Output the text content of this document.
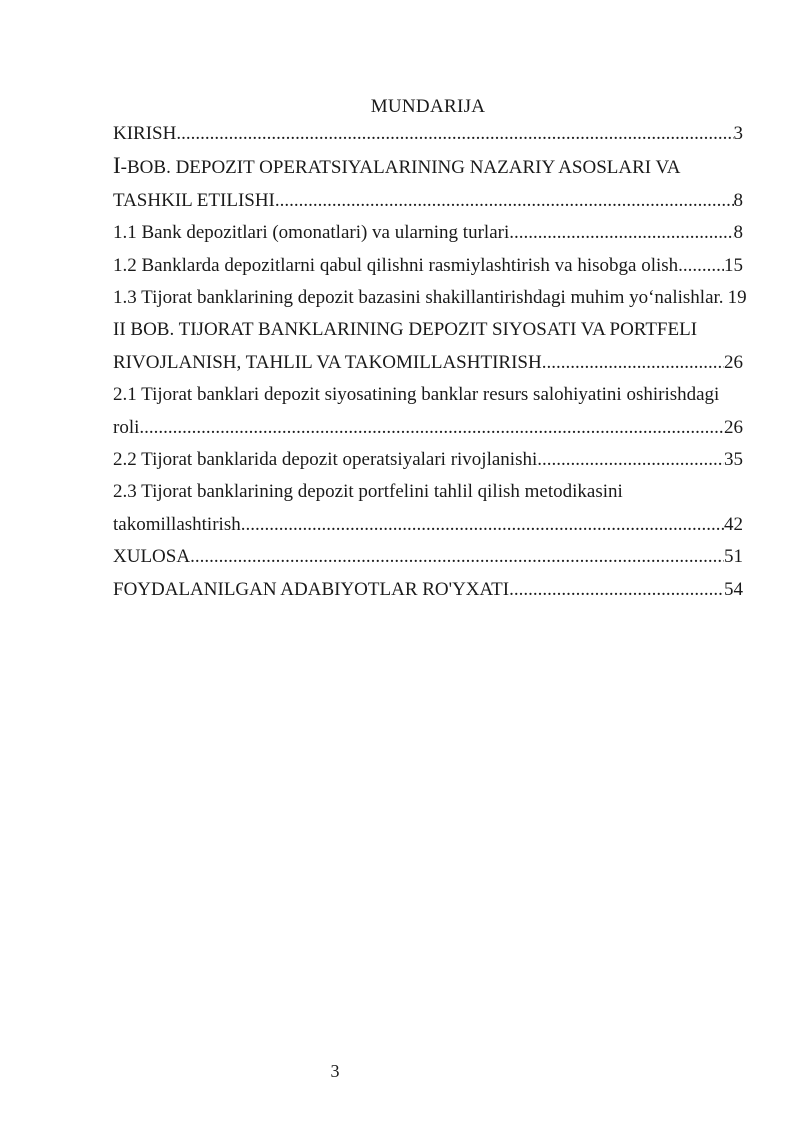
MUNDARIJA
KIRISH .....	3
I -BOB. DEPOZIT OPERATSIYALARINING NAZARIY ASOSLARI VA
TASHKIL ETILISHI .....	8
1.1 Bank depozitlari (omonatlari) va ularning turlari .....	8
1.2 Banklarda depozitlarni qabul qilishni rasmiylashtirish va hisobga olish ..... 15
1.3 Tijorat banklarining depozit bazasini shakillantirishdagi muhim yo‘nalishlar. 19
II BOB. TIJORAT BANKLARINING DEPOZIT SIYOSATI VA PORTFELI
RIVOJLANISH, TAHLIL VA TAKOMILLASHTIRISH .....	26
2.1 Tijorat banklari depozit siyosatining banklar resurs salohiyatini oshirishdagi
roli .....	26
2.2 Tijorat banklarida depozit operatsiyalari rivojlanishi .....	35
2.3 Tijorat banklarining depozit portfelini tahlil qilish metodikasini
takomillashtirish .....	42
XULOSA .....	51
FOYDALANILGAN ADABIYOTLAR RO'YXATI .....	54
3
